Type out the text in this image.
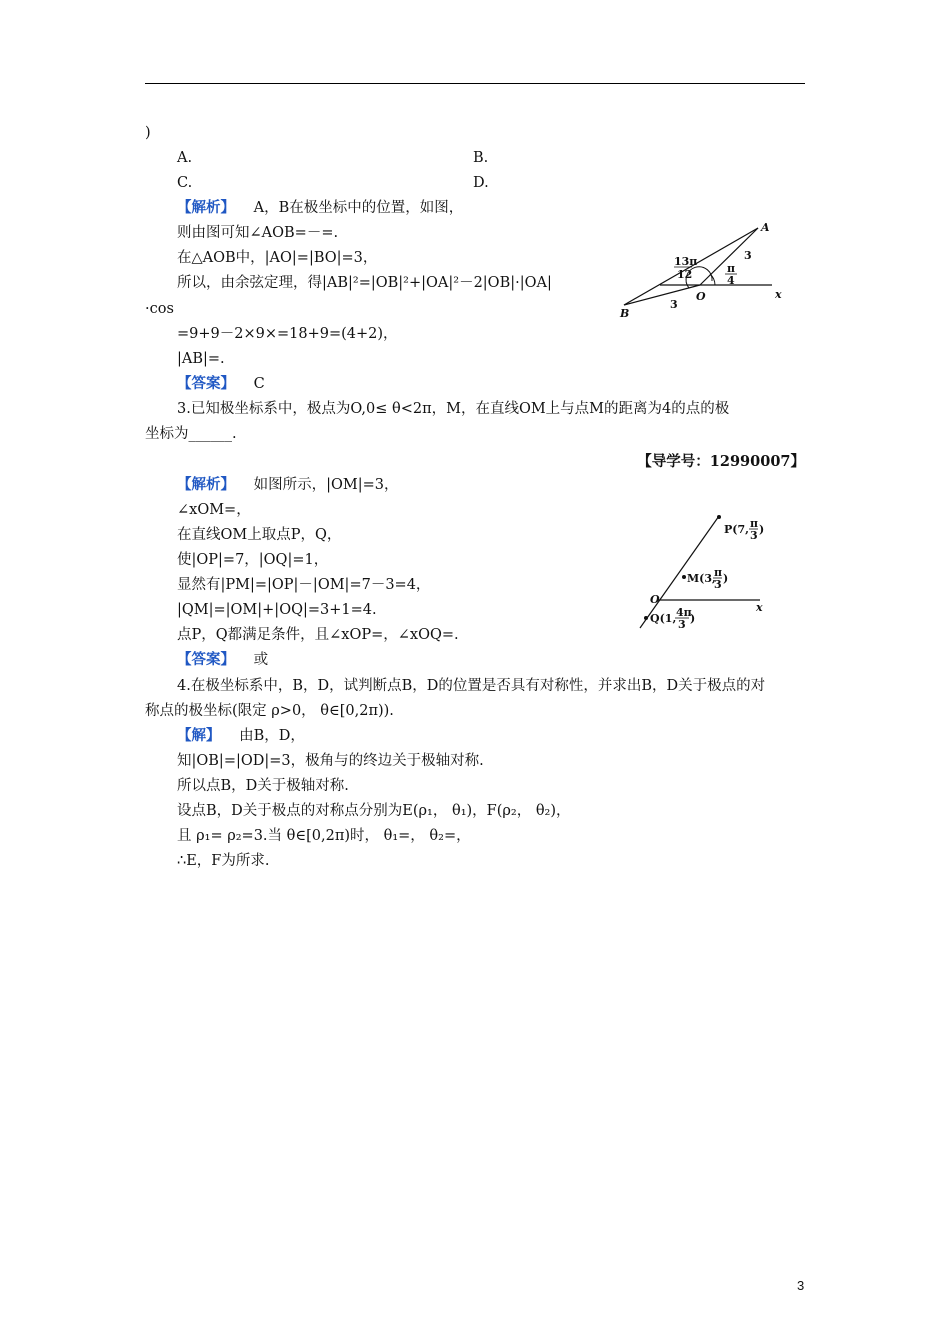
)
A.	B.
C.	D.
【解析】 A，B在极坐标中的位置，如图，
则由图可知∠AOB=－=.
在△AOB中，|AO|=|BO|=3，
所以，由余弦定理，得|AB|²=|OB|²+|OA|²－2|OB|·|OA|
·cos
=9+9－2×9×=18+9=(4+2)，
|AB|=.
【答案】 C
A
B
O	x
3
3
13π
12	π
4
3.已知极坐标系中，极点为O,0≤ θ<2π，M，在直线OM上与点M的距离为4的点的极
坐标为______.
【导学号：12990007】
【解析】 如图所示，|OM|=3，
∠xOM=，
在直线OM上取点P，Q，
使|OP|=7，|OQ|=1，
显然有|PM|=|OP|－|OM|=7－3=4，
|QM|=|OM|+|OQ|=3+1=4.
点P，Q都满足条件，且∠xOP=，∠xOQ=.
【答案】 或
O
x
P(7, π
3 )
M(3,
π
3 )
Q(1, 4π
3 )
4.在极坐标系中，B，D，试判断点B，D的位置是否具有对称性，并求出B，D关于极点的对
称点的极坐标(限定 ρ>0， θ∈[0,2π)).
【解】 由B，D，
知|OB|=|OD|=3，极角与的终边关于极轴对称.
所以点B，D关于极轴对称.
设点B，D关于极点的对称点分别为E(ρ₁， θ₁)，F(ρ₂， θ₂)，
且 ρ₁= ρ₂=3.当 θ∈[0,2π)时， θ₁=， θ₂=，
∴E，F为所求.
3
